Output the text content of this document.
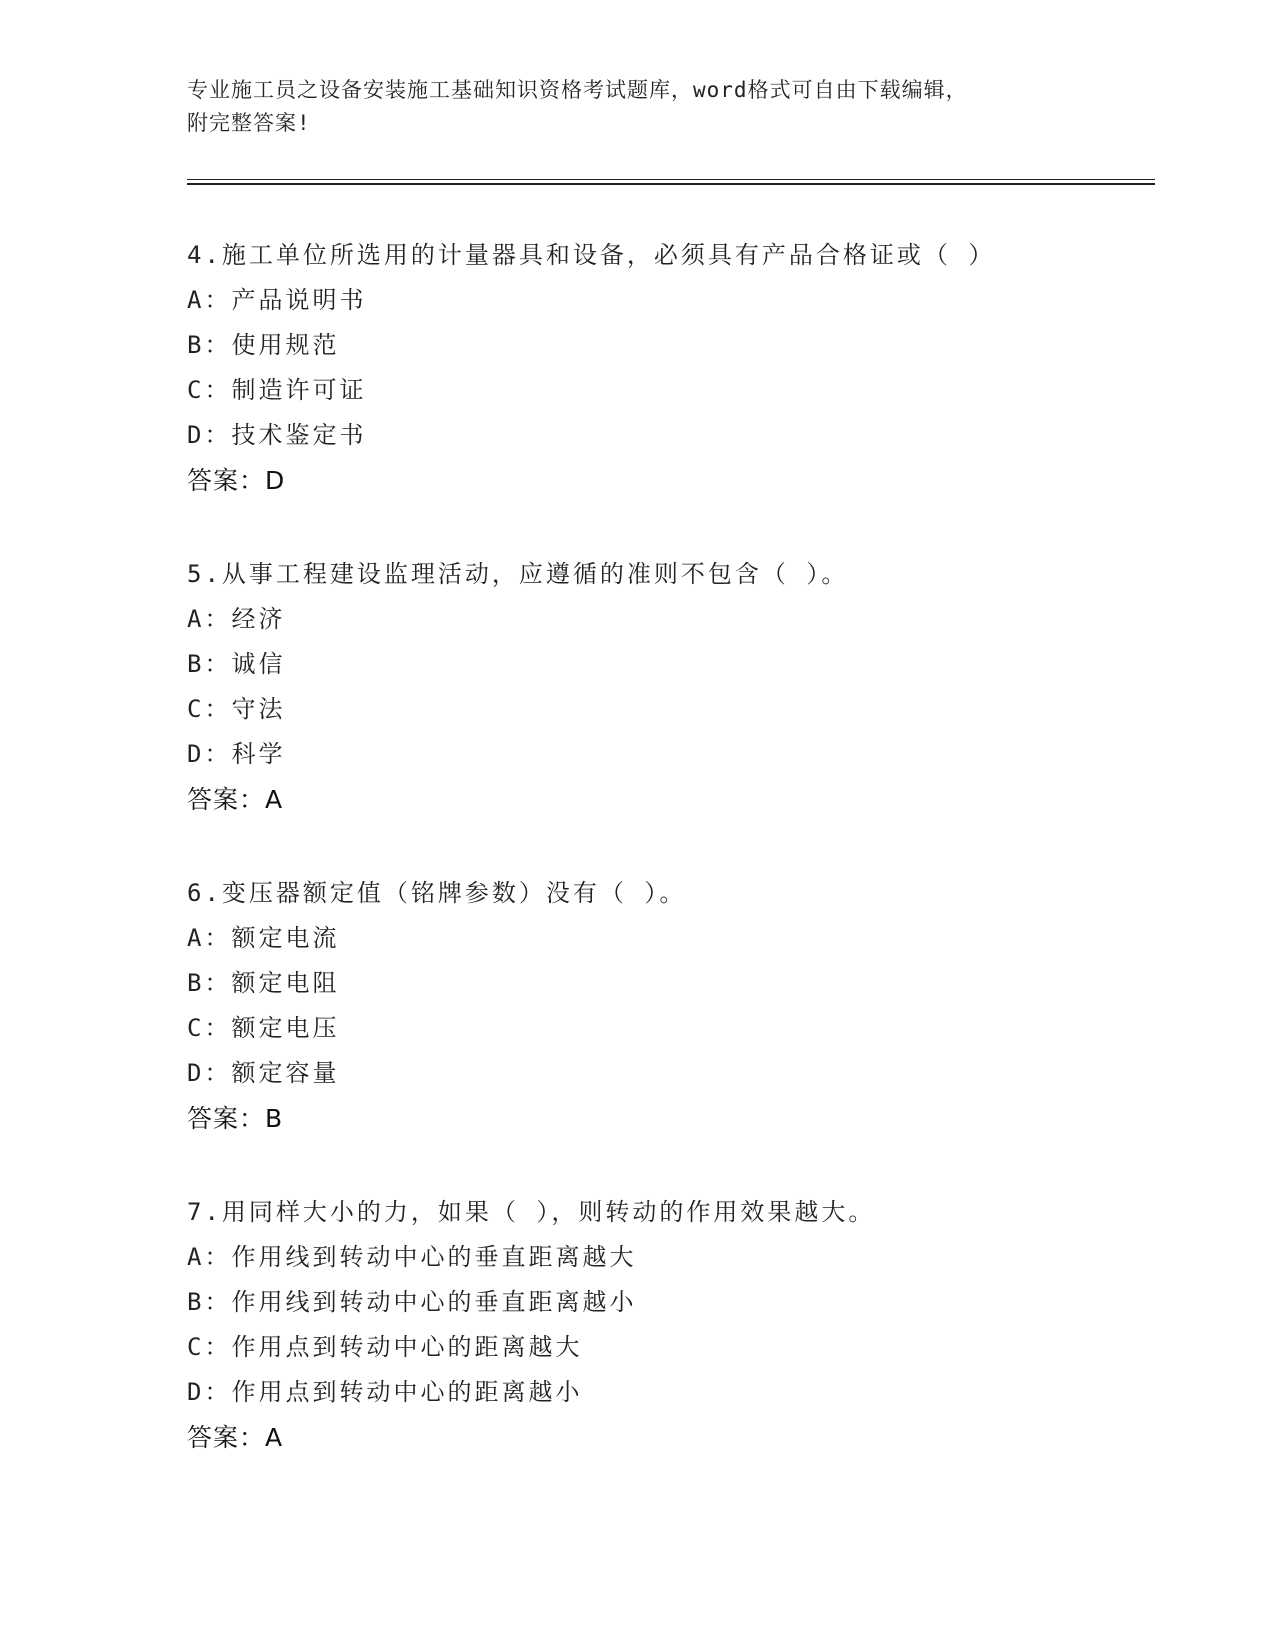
专业施工员之设备安装施工基础知识资格考试题库，word格式可自由下载编辑，
附完整答案!
4.施工单位所选用的计量器具和设备，必须具有产品合格证或（ ）
A：产品说明书
B：使用规范
C：制造许可证
D：技术鉴定书
答案：D
5.从事工程建设监理活动，应遵循的准则不包含（ ）。
A：经济
B：诚信
C：守法
D：科学
答案：A
6.变压器额定值（铭牌参数）没有（ ）。
A：额定电流
B：额定电阻
C：额定电压
D：额定容量
答案：B
7.用同样大小的力，如果（ ），则转动的作用效果越大。
A：作用线到转动中心的垂直距离越大
B：作用线到转动中心的垂直距离越小
C：作用点到转动中心的距离越大
D：作用点到转动中心的距离越小
答案：A
